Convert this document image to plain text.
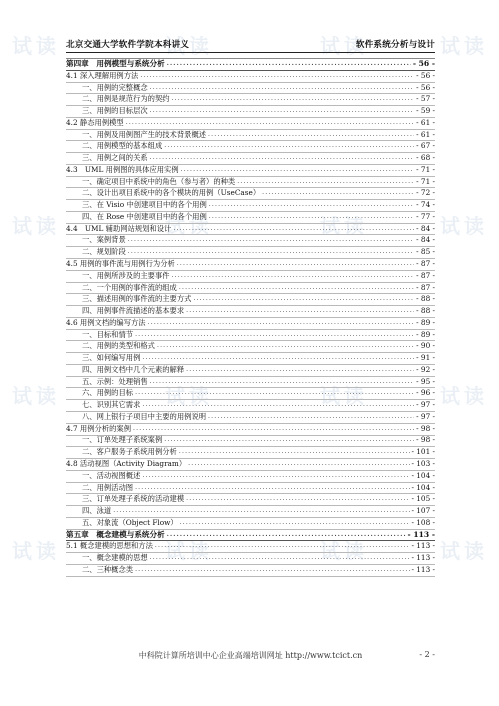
试读	试读	试读	试读
试读	试读	试读	试读
试读	试读	试读	试读
试读	试读	试读	试读
北京交通大学软件学院本科讲义	软件系统分析与设计
第四章　用例模型与系统分析 .....	- 56 -
4.1 深入理解用例方法 .....	- 56 -
一、用例的完整概念 .....	- 56 -
二、用例是规范行为的契约 .....	- 57 -
三、用例的目标层次 .....	- 59 -
4.2 静态用例模型 .....	- 61 -
一、用例及用例图产生的技术背景概述 .....	- 61 -
二、用例模型的基本组成 .....	- 67 -
三、用例之间的关系 .....	- 68 -
4.3　UML 用例图的具体应用实例 .....	- 71 -
一、确定项目中系统中的角色（参与者）的种类 .....	- 71 -
二、设计出项目系统中的各个模块的用例（UseCase） .....	- 72 -
三、在 Visio 中创建项目中的各个用例 .....	- 74 -
四、在 Rose 中创建项目中的各个用例 .....	- 77 -
4.4　UML 辅助网站规划和设计 .....	- 84 -
一、案例背景 .....	- 84 -
二、规划阶段 .....	- 85 -
4.5 用例的事件流与用例行为分析 .....	- 87 -
一、用例所涉及的主要事件 .....	- 87 -
二、一个用例的事件流的组成 .....	- 87 -
三、描述用例的事件流的主要方式 .....	- 88 -
四、用例事件流描述的基本要求 .....	- 88 -
4.6 用例文档的编写方法 .....	- 89 -
一、目标和情节 .....	- 89 -
二、用例的类型和格式 .....	- 90 -
三、如何编写用例 .....	- 91 -
四、用例文档中几个元素的解释 .....	- 92 -
五、示例：处理销售 .....	- 95 -
六、用例的目标 .....	- 96 -
七、识别其它需求 .....	- 97 -
八、网上银行子项目中主要的用例说明 .....	- 97 -
4.7 用例分析的案例 .....	- 98 -
一、订单处理子系统案例 .....	- 98 -
二、客户服务子系统用例分析 .....	- 101 -
4.8 活动视图（Activity Diagram） .....	- 103 -
一、活动视图概述 .....	- 104 -
二、用例活动图 .....	- 104 -
三、订单处理子系统的活动建模 .....	- 105 -
四、泳道 .....	- 107 -
五、对象流（Object Flow） .....	- 108 -
第五章　概念建模与系统分析 .....	- 113 -
5.1 概念建模的思想和方法 .....	- 113 -
一、概念建模的思想 .....	- 113 -
二、三种概念类 .....	- 113 -
中科院计算所培训中心企业高端培训网址 http://www.tcict.cn	- 2 -
